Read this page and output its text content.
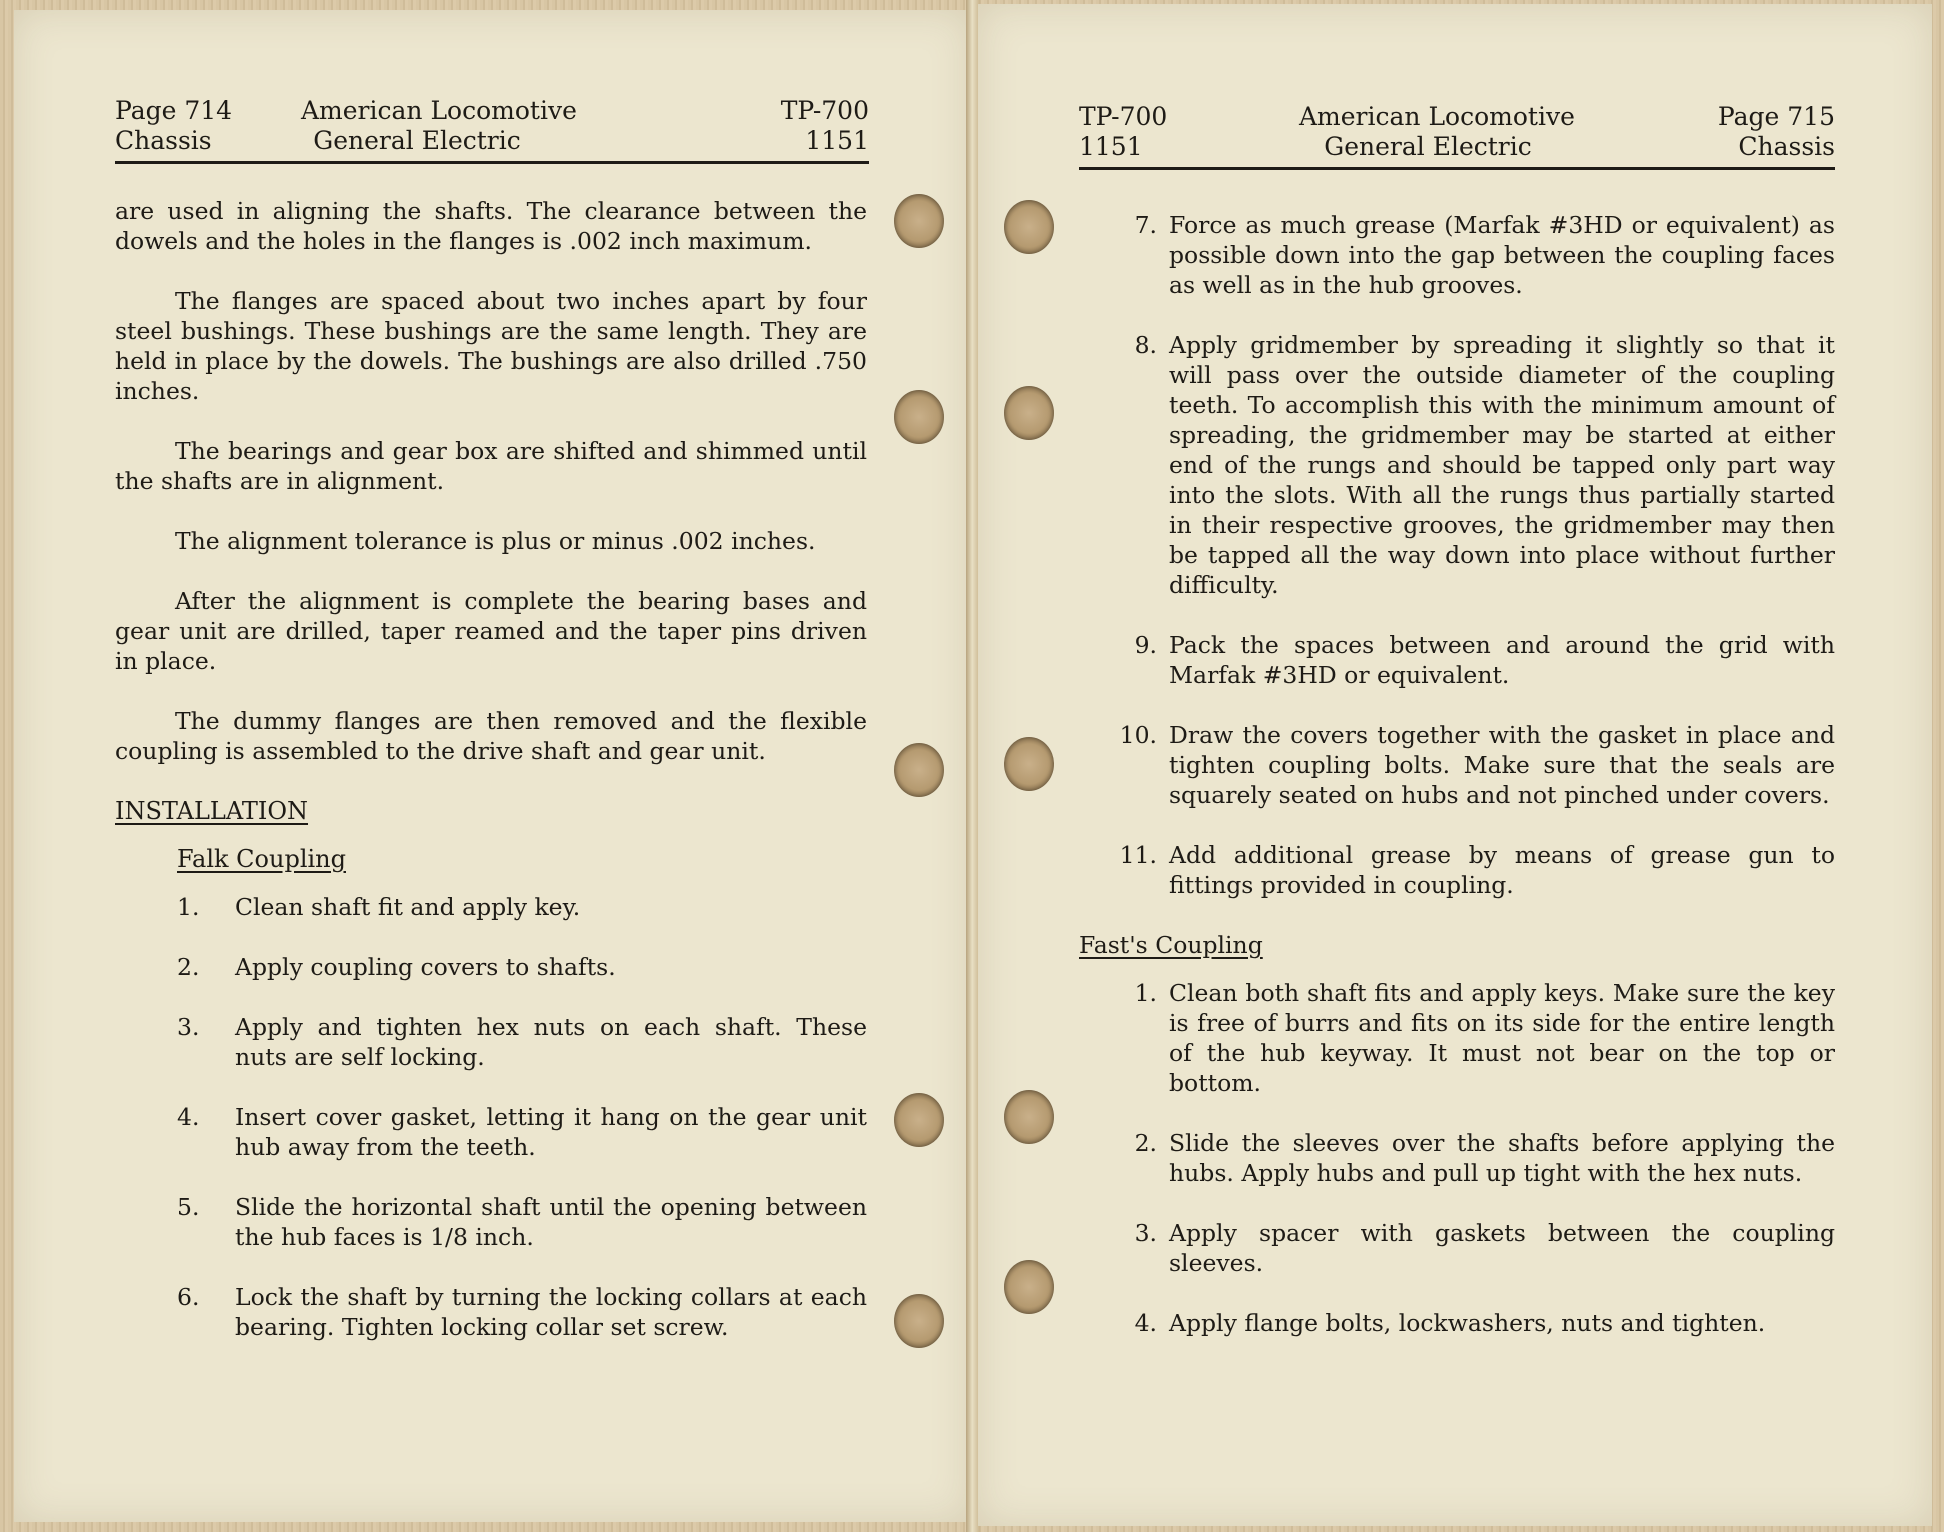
Page 714
Chassis
American Locomotive
General Electric
TP-700
1151

are used in aligning the shafts. The clearance between the dowels and the holes in the flanges is .002 inch maximum.

The flanges are spaced about two inches apart by four steel bushings. These bushings are the same length. They are held in place by the dowels. The bushings are also drilled .750 inches.

The bearings and gear box are shifted and shimmed until the shafts are in alignment.

The alignment tolerance is plus or minus .002 inches.

After the alignment is complete the bearing bases and gear unit are drilled, taper reamed and the taper pins driven in place.

The dummy flanges are then removed and the flexible coupling is assembled to the drive shaft and gear unit.

INSTALLATION
Falk Coupling
1.	Clean shaft fit and apply key.
2.	Apply coupling covers to shafts.
3.	Apply and tighten hex nuts on each shaft. These nuts are self locking.
4.	Insert cover gasket, letting it hang on the gear unit hub away from the teeth.
5.	Slide the horizontal shaft until the opening between the hub faces is 1/8 inch.
6.	Lock the shaft by turning the locking collars at each bearing. Tighten locking collar set screw.
TP-700
1151
American Locomotive
General Electric
Page 715
Chassis
7. Force as much grease (Marfak #3HD or equivalent) as possible down into the gap between the coupling faces as well as in the hub grooves.
8. Apply gridmember by spreading it slightly so that it will pass over the outside diameter of the coupling teeth. To accomplish this with the minimum amount of spreading, the gridmember may be started at either end of the rungs and should be tapped only part way into the slots. With all the rungs thus partially started in their respective grooves, the gridmember may then be tapped all the way down into place without further difficulty.
9. Pack the spaces between and around the grid with Marfak #3HD or equivalent.
10. Draw the covers together with the gasket in place and tighten coupling bolts. Make sure that the seals are squarely seated on hubs and not pinched under covers.
11. Add additional grease by means of grease gun to fittings provided in coupling.
Fast's Coupling
1. Clean both shaft fits and apply keys. Make sure the key is free of burrs and fits on its side for the entire length of the hub keyway. It must not bear on the top or bottom.
2. Slide the sleeves over the shafts before applying the hubs. Apply hubs and pull up tight with the hex nuts.
3. Apply spacer with gaskets between the coupling sleeves.
4. Apply flange bolts, lockwashers, nuts and tighten.
